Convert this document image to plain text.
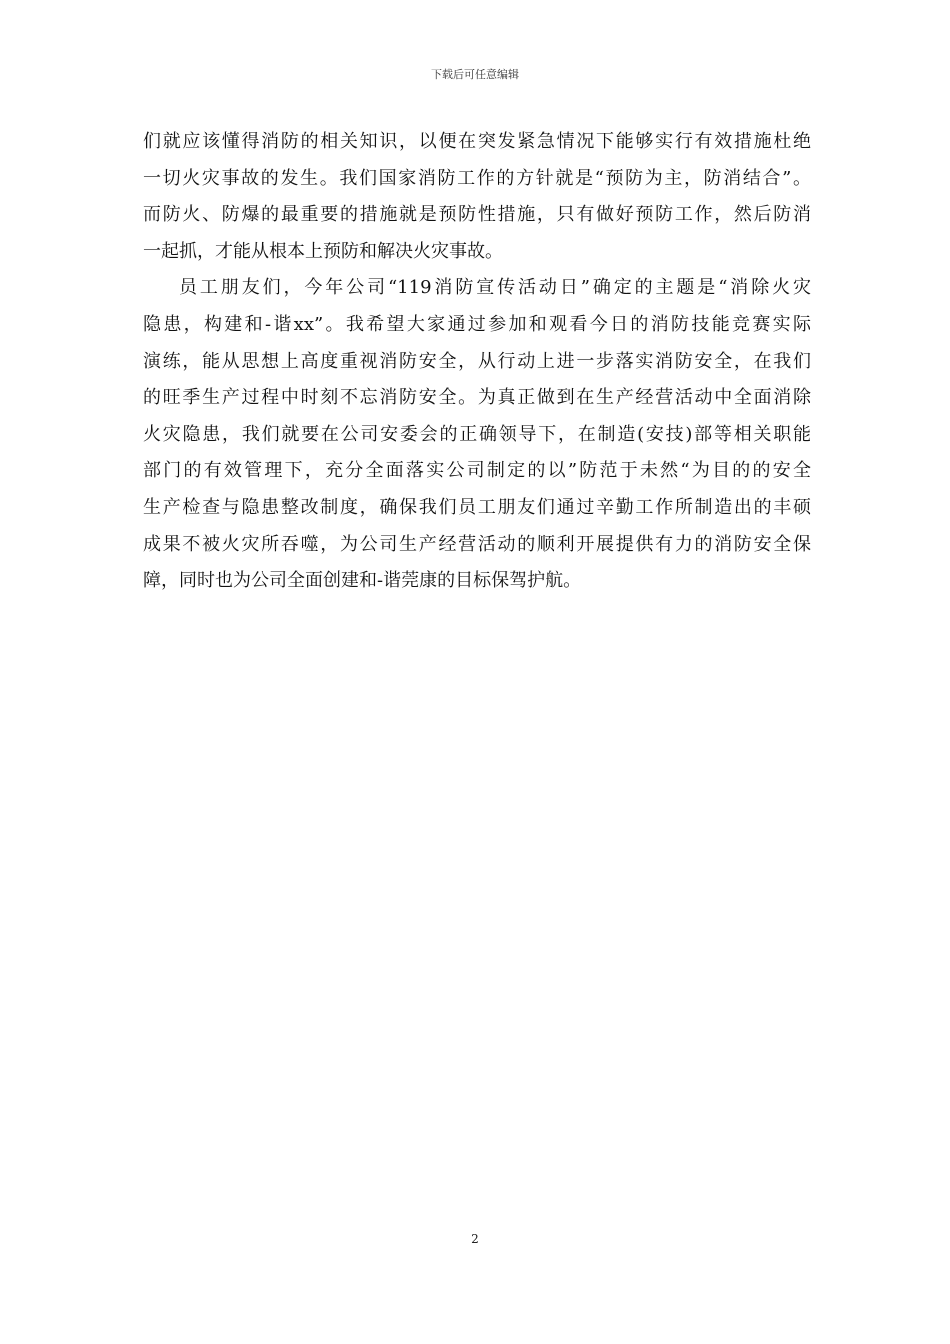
下载后可任意编辑
们就应该懂得消防的相关知识，以便在突发紧急情况下能够实行有效措施杜绝
一切火灾事故的发生。我们国家消防工作的方针就是“预防为主，防消结合”。
而防火、防爆的最重要的措施就是预防性措施，只有做好预防工作，然后防消
一起抓，才能从根本上预防和解决火灾事故。
员工朋友们，今年公司“119消防宣传活动日”确定的主题是“消除火灾
隐患，构建和-谐xx”。我希望大家通过参加和观看今日的消防技能竞赛实际
演练，能从思想上高度重视消防安全，从行动上进一步落实消防安全，在我们
的旺季生产过程中时刻不忘消防安全。为真正做到在生产经营活动中全面消除
火灾隐患，我们就要在公司安委会的正确领导下，在制造(安技)部等相关职能
部门的有效管理下，充分全面落实公司制定的以”防范于未然“为目的的安全
生产检查与隐患整改制度，确保我们员工朋友们通过辛勤工作所制造出的丰硕
成果不被火灾所吞噬，为公司生产经营活动的顺利开展提供有力的消防安全保
障，同时也为公司全面创建和-谐莞康的目标保驾护航。
2
